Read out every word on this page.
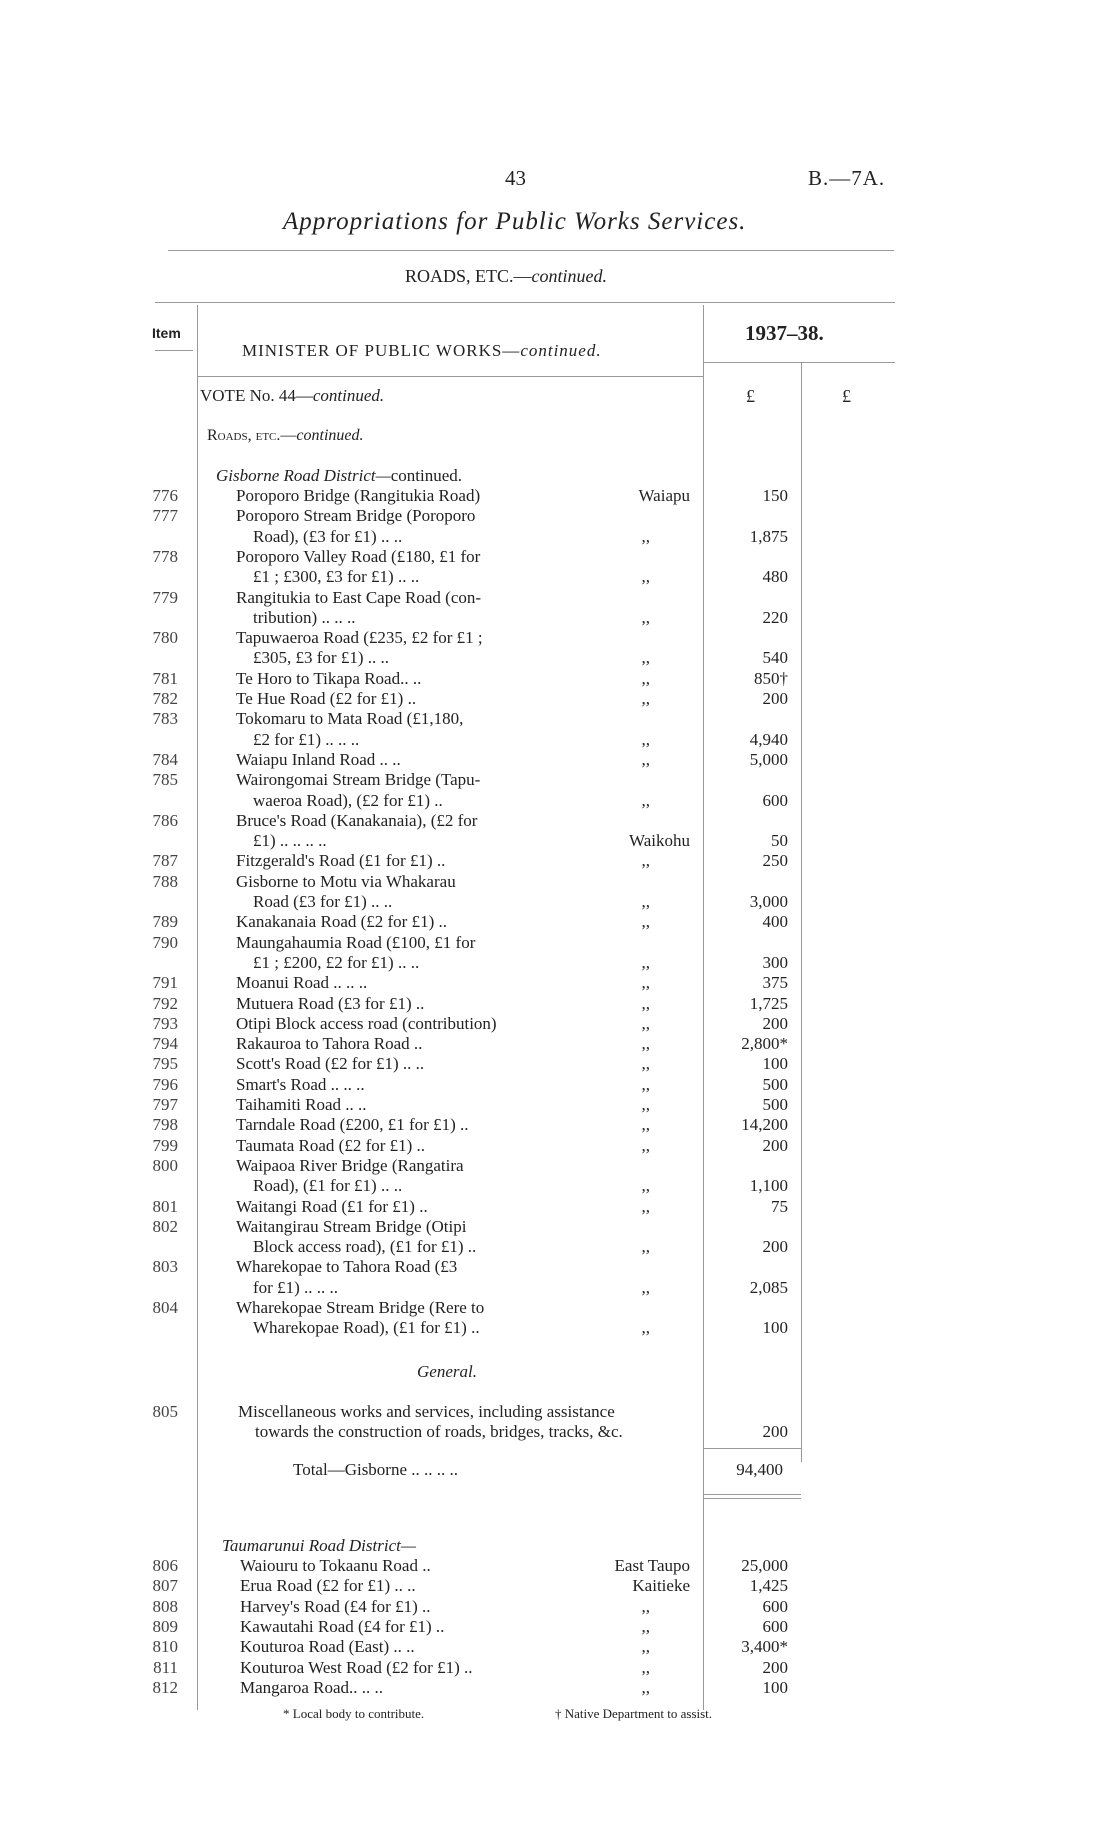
43	B.—7A.
Appropriations for Public Works Services.
ROADS, ETC.—continued.
Item	1937–38.
MINISTER OF PUBLIC WORKS—continued.
VOTE No. 44—continued.	£	£
Roads, etc.—continued.
Gisborne Road District—continued.
776	Poroporo Bridge (Rangitukia Road)	Waiapu	150
777	Poroporo Stream Bridge (Poroporo
Road), (£3 for £1) .. ..	,,	1,875
778	Poroporo Valley Road (£180, £1 for
£1 ; £300, £3 for £1) .. ..	,,	480
779	Rangitukia to East Cape Road (con-
tribution) .. .. ..	,,	220
780	Tapuwaeroa Road (£235, £2 for £1 ;
£305, £3 for £1) .. ..	,,	540
781	Te Horo to Tikapa Road.. ..	,,	850†
782	Te Hue Road (£2 for £1) ..	,,	200
783	Tokomaru to Mata Road (£1,180,
£2 for £1) .. .. ..	,,	4,940
784	Waiapu Inland Road .. ..	,,	5,000
785	Wairongomai Stream Bridge (Tapu-
waeroa Road), (£2 for £1) ..	,,	600
786	Bruce's Road (Kanakanaia), (£2 for
£1) .. .. .. ..	Waikohu	50
787	Fitzgerald's Road (£1 for £1) ..	,,	250
788	Gisborne to Motu via Whakarau
Road (£3 for £1) .. ..	,,	3,000
789	Kanakanaia Road (£2 for £1) ..	,,	400
790	Maungahaumia Road (£100, £1 for
£1 ; £200, £2 for £1) .. ..	,,	300
791	Moanui Road .. .. ..	,,	375
792	Mutuera Road (£3 for £1) ..	,,	1,725
793	Otipi Block access road (contribution)	,,	200
794	Rakauroa to Tahora Road ..	,,	2,800*
795	Scott's Road (£2 for £1) .. ..	,,	100
796	Smart's Road .. .. ..	,,	500
797	Taihamiti Road .. ..	,,	500
798	Tarndale Road (£200, £1 for £1) ..	,,	14,200
799	Taumata Road (£2 for £1) ..	,,	200
800	Waipaoa River Bridge (Rangatira
Road), (£1 for £1) .. ..	,,	1,100
801	Waitangi Road (£1 for £1) ..	,,	75
802	Waitangirau Stream Bridge (Otipi
Block access road), (£1 for £1) ..	,,	200
803	Wharekopae to Tahora Road (£3
for £1) .. .. ..	,,	2,085
804	Wharekopae Stream Bridge (Rere to
Wharekopae Road), (£1 for £1) ..	,,	100
General.
805	Miscellaneous works and services, including assistance
towards the construction of roads, bridges, tracks, &c.	200
Total—Gisborne .. .. .. ..	94,400
Taumarunui Road District—
806	Waiouru to Tokaanu Road ..	East Taupo	25,000
807	Erua Road (£2 for £1) .. ..	Kaitieke	1,425
808	Harvey's Road (£4 for £1) ..	,,	600
809	Kawautahi Road (£4 for £1) ..	,,	600
810	Kouturoa Road (East) .. ..	,,	3,400*
811	Kouturoa West Road (£2 for £1) ..	,,	200
812	Mangaroa Road.. .. ..	,,	100
* Local body to contribute.	† Native Department to assist.
